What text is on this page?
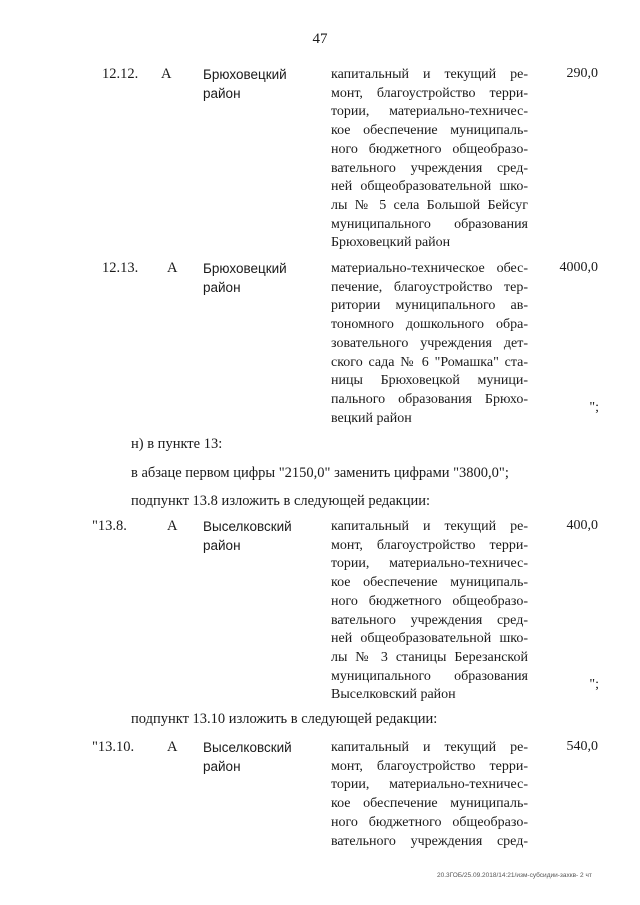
47
12.12. А Брюховецкий
район
капитальный и текущий ре-
монт, благоустройство терри-
тории, материально-техничес-
кое обеспечение муниципаль-
ного бюджетного общеобразо-
вательного учреждения сред-
ней общеобразовательной шко-
лы № 5 села Большой Бейсуг
муниципального образования
Брюховецкий район
290,0
12.13. А Брюховецкий
район
материально-техническое обес-
печение, благоустройство тер-
ритории муниципального ав-
тономного дошкольного обра-
зовательного учреждения дет-
ского сада № 6 "Ромашка" ста-
ницы Брюховецкой муници-
пального образования Брюхо-
вецкий район
4000,0
";
н) в пункте 13:
в абзаце первом цифры "2150,0" заменить цифрами "3800,0";
подпункт 13.8 изложить в следующей редакции:
"13.8.	А Выселковский
район
капитальный и текущий ре-
монт, благоустройство терри-
тории, материально-техничес-
кое обеспечение муниципаль-
ного бюджетного общеобразо-
вательного учреждения сред-
ней общеобразовательной шко-
лы № 3 станицы Березанской
муниципального образования
Выселковский район
400,0
";
подпункт 13.10 изложить в следующей редакции:
"13.10. А Выселковский
район
капитальный и текущий ре-
монт, благоустройство терри-
тории, материально-техничес-
кое обеспечение муниципаль-
ного бюджетного общеобразо-
вательного учреждения сред-
540,0
20.3ГОБ/25.09.2018/14:21/изм-субсидии-захкв- 2 чт
